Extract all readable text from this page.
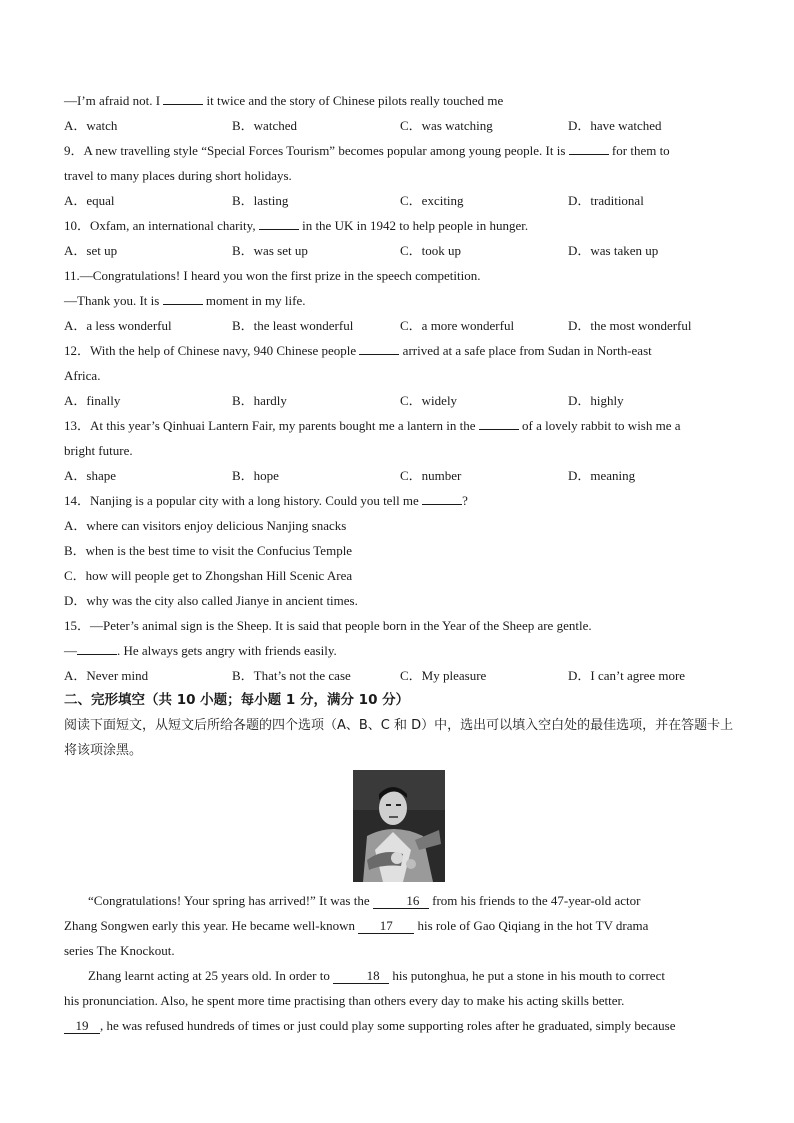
—I’m afraid not. I	it twice and the story of Chinese pilots really touched me
A．watch	B．watched	C．was watching	D．have watched
9．A new travelling style “Special Forces Tourism” becomes popular among young people. It is	for them to
travel to many places during short holidays.
A．equal	B．lasting	C．exciting	D．traditional
10．Oxfam, an international charity,	in the UK in 1942 to help people in hunger.
A．set up	B．was set up	C．took up	D．was taken up
11.—Congratulations! I heard you won the first prize in the speech competition.
—Thank you. It is	moment in my life.
A．a less wonderful	B．the least wonderful	C．a more wonderful	D．the most wonderful
12．With the help of Chinese navy, 940 Chinese people	arrived at a safe place from Sudan in North-east
Africa.
A．finally	B．hardly	C．widely	D．highly
13．At this year’s Qinhuai Lantern Fair, my parents bought me a lantern in the	of a lovely rabbit to wish me a
bright future.
A．shape	B．hope	C．number	D．meaning
14．Nanjing is a popular city with a long history. Could you tell me	?
A．where can visitors enjoy delicious Nanjing snacks
B．when is the best time to visit the Confucius Temple
C．how will people get to Zhongshan Hill Scenic Area
D．why was the city also called Jianye in ancient times.
15．—Peter’s animal sign is the Sheep. It is said that people born in the Year of the Sheep are gentle.
—	. He always gets angry with friends easily.
A．Never mind	B．That’s not the case	C．My pleasure	D．I can’t agree more
二、完形填空（共 10 小题；每小题 1 分，满分 10 分）
阅读下面短文，从短文后所给各题的四个选项（A、B、C 和 D）中，选出可以填入空白处的最佳选项，并在答题卡上将该项涂黑。
“Congratulations! Your spring has arrived!” It was the	16 from his friends to the 47-year-old actor
Zhang Songwen early this year. He became well-known 17 his role of Gao Qiqiang in the hot TV drama
series The Knockout.
Zhang learnt acting at 25 years old. In order to	18 his putonghua, he put a stone in his mouth to correct
his pronunciation. Also, he spent more time practising than others every day to make his acting skills better.
19 , he was refused hundreds of times or just could play some supporting roles after he graduated, simply because
